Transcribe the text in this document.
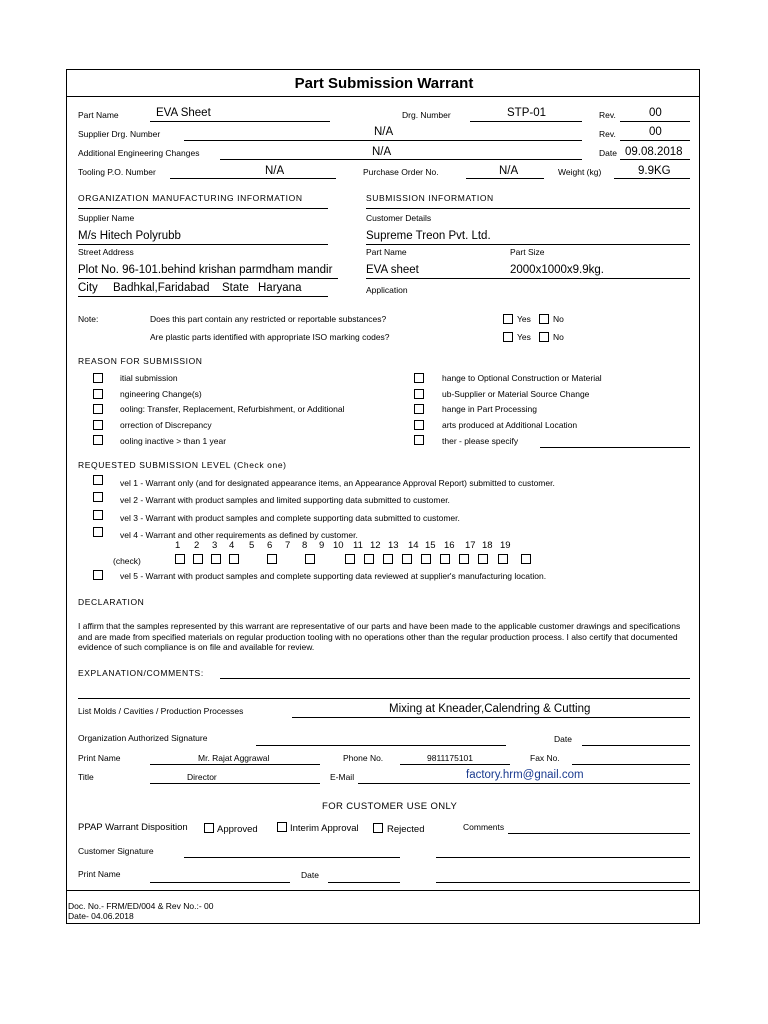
Part Submission Warrant
Part Name	EVA Sheet	Drg. Number	STP-01	Rev.	00
Supplier Drg. Number	N/A	Rev.	00
Additional Engineering Changes	N/A	Date 09.08.2018
Tooling P.O. Number	N/A	Purchase Order No.	N/A	Weight (kg)	9.9KG
ORGANIZATION MANUFACTURING INFORMATION	SUBMISSION INFORMATION
Supplier Name
M/s Hitech Polyrubb
Customer Details
Supreme Treon Pvt. Ltd.
Street Address
Plot No. 96-101.behind krishan parmdham mandir
Part Name	Part Size
EVA sheet	2000x1000x9.9kg.
City Badhkal,Faridabad State Haryana	Application
Note:	Does this part contain any restricted or reportable substances?	Yes	No
Are plastic parts identified with appropriate ISO marking codes?	Yes	No
REASON FOR SUBMISSION
itial submission
ngineering Change(s)
ooling: Transfer, Replacement, Refurbishment, or Additional
orrection of Discrepancy
ooling inactive > than 1 year
hange to Optional Construction or Material
ub-Supplier or Material Source Change
hange in Part Processing
arts produced at Additional Location
ther - please specify
REQUESTED SUBMISSION LEVEL (Check one)
vel 1 - Warrant only (and for designated appearance items, an Appearance Approval Report) submitted to customer.
vel 2 - Warrant with product samples and limited supporting data submitted to customer.
vel 3 - Warrant with product samples and complete supporting data submitted to customer.
vel 4 - Warrant and other requirements as defined by customer.
1 2 3 4 5 6 7 8 9 10 11 12 13 14 15 16 17 18 19
(check)
vel 5 - Warrant with product samples and complete supporting data reviewed at supplier's manufacturing location.
DECLARATION
I affirm that the samples represented by this warrant are representative of our parts and have been made to the applicable customer drawings and specifications and are made from specified materials on regular production tooling with no operations other than the regular production process. I also certify that documented evidence of such compliance is on file and available for review.
EXPLANATION/COMMENTS:
List Molds / Cavities / Production Processes	Mixing at Kneader,Calendring & Cutting
Organization Authorized Signature	Date
Print Name	Mr. Rajat Aggrawal	Phone No.	9811175101	Fax No.
Title	Director	E-Mail	factory.hrm@gnail.com
FOR CUSTOMER USE ONLY
PPAP Warrant Disposition	Approved	Interim Approval	Rejected	Comments
Customer Signature
Print Name	Date
Doc. No.- FRM/ED/004 & Rev No.:- 00
Date- 04.06.2018
